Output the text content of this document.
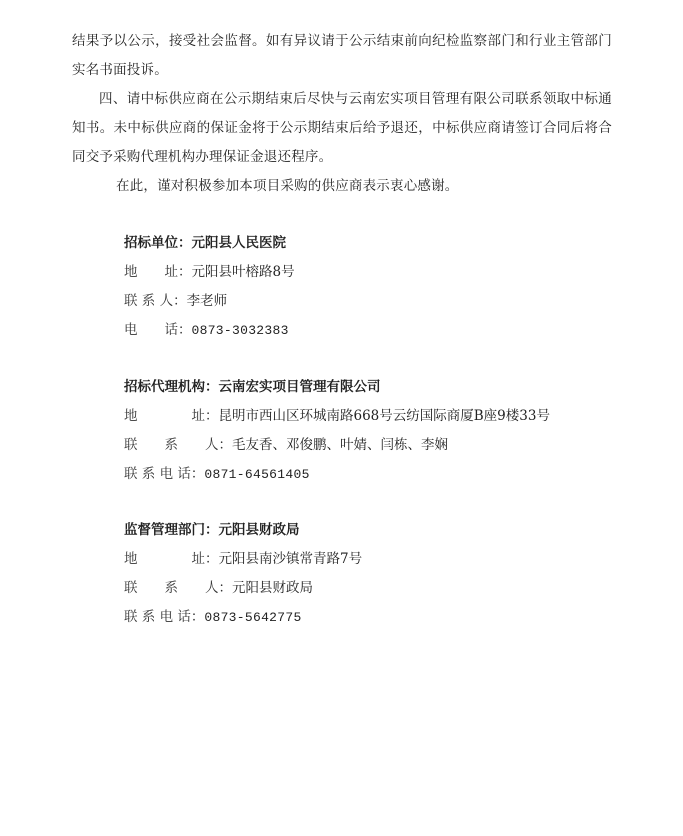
结果予以公示，接受社会监督。如有异议请于公示结束前向纪检监察部门和行业主管部门实名书面投诉。

四、请中标供应商在公示期结束后尽快与云南宏实项目管理有限公司联系领取中标通知书。未中标供应商的保证金将于公示期结束后给予退还，中标供应商请签订合同后将合同交予采购代理机构办理保证金退还程序。

在此，谨对积极参加本项目采购的供应商表示衷心感谢。

招标单位：元阳县人民医院
地　　址：元阳县叶榕路8号
联 系 人：李老师
电　　话：0873-3032383
招标代理机构：云南宏实项目管理有限公司
地　　　　址：昆明市西山区环城南路668号云纺国际商厦B座9楼33号
联　　系　　人：毛友香、邓俊鹏、叶婧、闫栋、李娴
联 系 电 话：0871-64561405
监督管理部门：元阳县财政局
地　　　　址：元阳县南沙镇常青路7号
联　　系　　人：元阳县财政局
联 系 电 话：0873-5642775
